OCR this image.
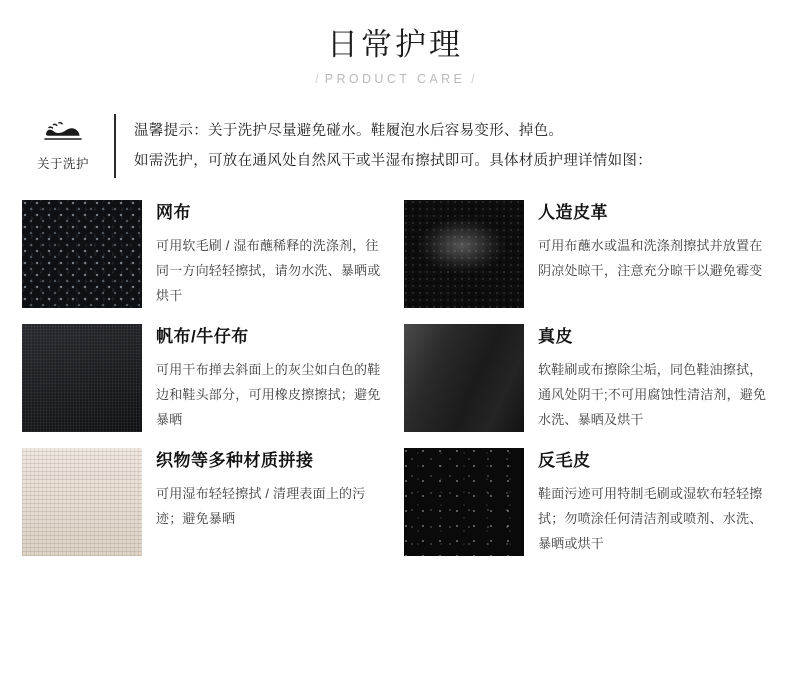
日常护理
/ PRODUCT CARE /
关于洗护
温馨提示：关于洗护尽量避免碰水。鞋履泡水后容易变形、掉色。
如需洗护，可放在通风处自然风干或半湿布擦拭即可。具体材质护理详情如图：
网布
可用软毛刷 / 湿布蘸稀释的洗涤剂，往同一方向轻轻擦拭，请勿水洗、暴晒或烘干
人造皮革
可用布蘸水或温和洗涤剂擦拭并放置在阴凉处晾干，注意充分晾干以避免霉变
帆布/牛仔布
可用干布掸去斜面上的灰尘如白色的鞋边和鞋头部分，可用橡皮擦擦拭；避免暴晒
真皮
软鞋刷或布擦除尘垢，同色鞋油擦拭，通风处阴干;不可用腐蚀性清洁剂，避免水洗、暴晒及烘干
织物等多种材质拼接
可用湿布轻轻擦拭 / 清理表面上的污迹；避免暴晒
反毛皮
鞋面污迹可用特制毛刷或湿软布轻轻擦拭；勿喷涂任何清洁剂或喷剂、水洗、暴晒或烘干
